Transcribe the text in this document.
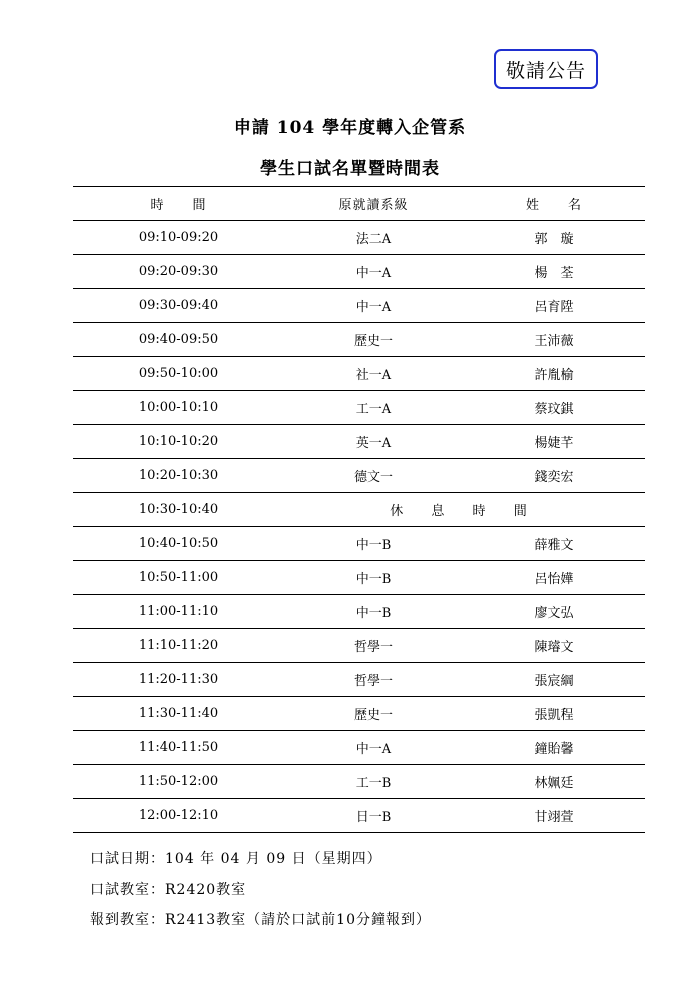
敬請公告
申請 104 學年度轉入企管系
學生口試名單暨時間表
時　　間	原就讀系級	姓　　名
09:10-09:20	法二A	郭　璇
09:20-09:30	中一A	楊　荃
09:30-09:40	中一A	呂育陞
09:40-09:50	歷史一	王沛薇
09:50-10:00	社一A	許胤榆
10:00-10:10	工一A	蔡玟錤
10:10-10:20	英一A	楊婕芊
10:20-10:30	德文一	錢奕宏
10:30-10:40	休 息 時 間	
10:40-10:50	中一B	薛雅文
10:50-11:00	中一B	呂怡嬅
11:00-11:10	中一B	廖文弘
11:10-11:20	哲學一	陳璿文
11:20-11:30	哲學一	張宸綱
11:30-11:40	歷史一	張凱程
11:40-11:50	中一A	鐘貽馨
11:50-12:00	工一B	林姵廷
12:00-12:10	日一B	甘翊萱
口試日期：104 年 04 月 09 日（星期四）
口試教室：R2420教室
報到教室：R2413教室（請於口試前10分鐘報到）
